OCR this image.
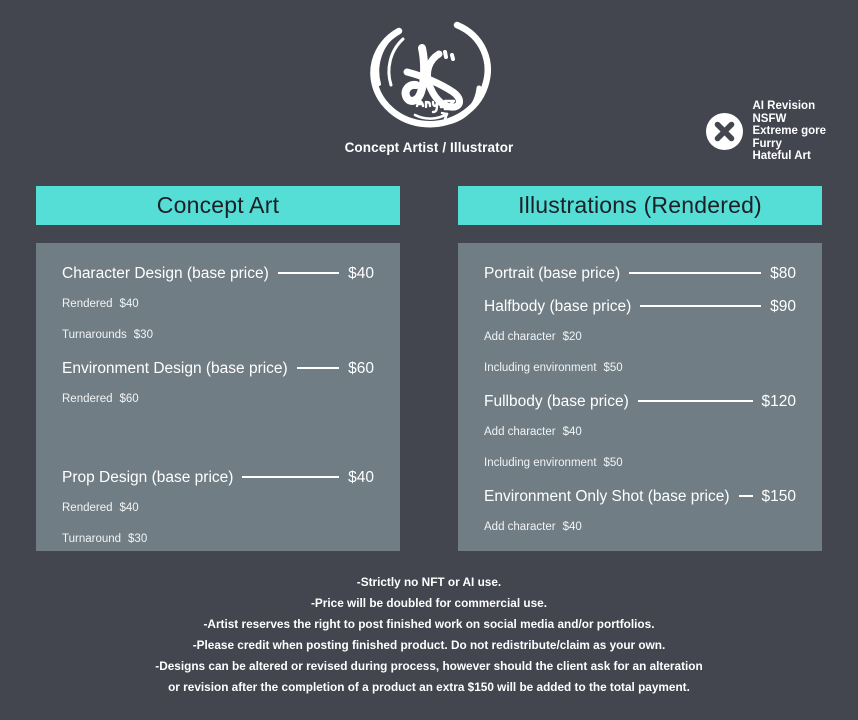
Concept Artist / Illustrator
AI Revision
NSFW
Extreme gore
Furry
Hateful Art
Concept Art
Character Design (base price)	$40
Rendered $40
Turnarounds $30
Environment Design (base price)	$60
Rendered $60
Prop Design (base price)	$40
Rendered $40
Turnaround $30
Illustrations (Rendered)
Portrait (base price)	$80
Halfbody (base price)	$90
Add character $20
Including environment $50
Fullbody (base price)	$120
Add character $40
Including environment $50
Environment Only Shot (base price) $150
Add character $40

-Strictly no NFT or AI use.

-Price will be doubled for commercial use.

-Artist reserves the right to post finished work on social media and/or portfolios.

-Please credit when posting finished product. Do not redistribute/claim as your own.

-Designs can be altered or revised during process, however should the client ask for an alteration

or revision after the completion of a product an extra $150 will be added to the total payment.
